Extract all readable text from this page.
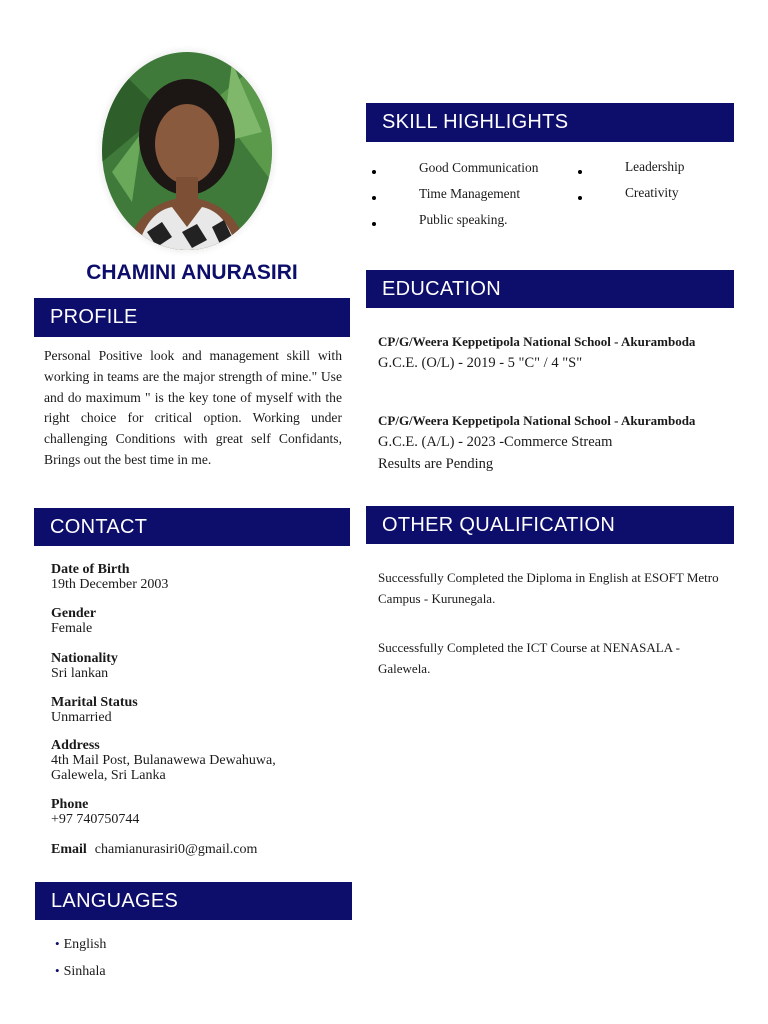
CHAMINI ANURASIRI
PROFILE
Personal Positive look and management skill with working in teams are the major strength of mine." Use and do maximum " is the key tone of myself with the right choice for critical option. Working under challenging Conditions with great self Confidants, Brings out the best time in me.
CONTACT
Date of Birth
19th December 2003
Gender
Female
Nationality
Sri lankan
Marital Status
Unmarried
Address
4th Mail Post, Bulanawewa Dewahuwa,
Galewela, Sri Lanka
Phone
+97 740750744
Email chamianurasiri0@gmail.com
LANGUAGES
• English
• Sinhala
SKILL HIGHLIGHTS
Good Communication
Time Management
Public speaking.
Leadership
Creativity
EDUCATION
CP/G/Weera Keppetipola National School - Akuramboda
G.C.E. (O/L) - 2019 - 5 "C" / 4 "S"
CP/G/Weera Keppetipola National School - Akuramboda
G.C.E. (A/L) - 2023 -Commerce Stream
Results are Pending
OTHER QUALIFICATION
Successfully Completed the Diploma in English at ESOFT Metro Campus - Kurunegala.
Successfully Completed the ICT Course at NENASALA - Galewela.
